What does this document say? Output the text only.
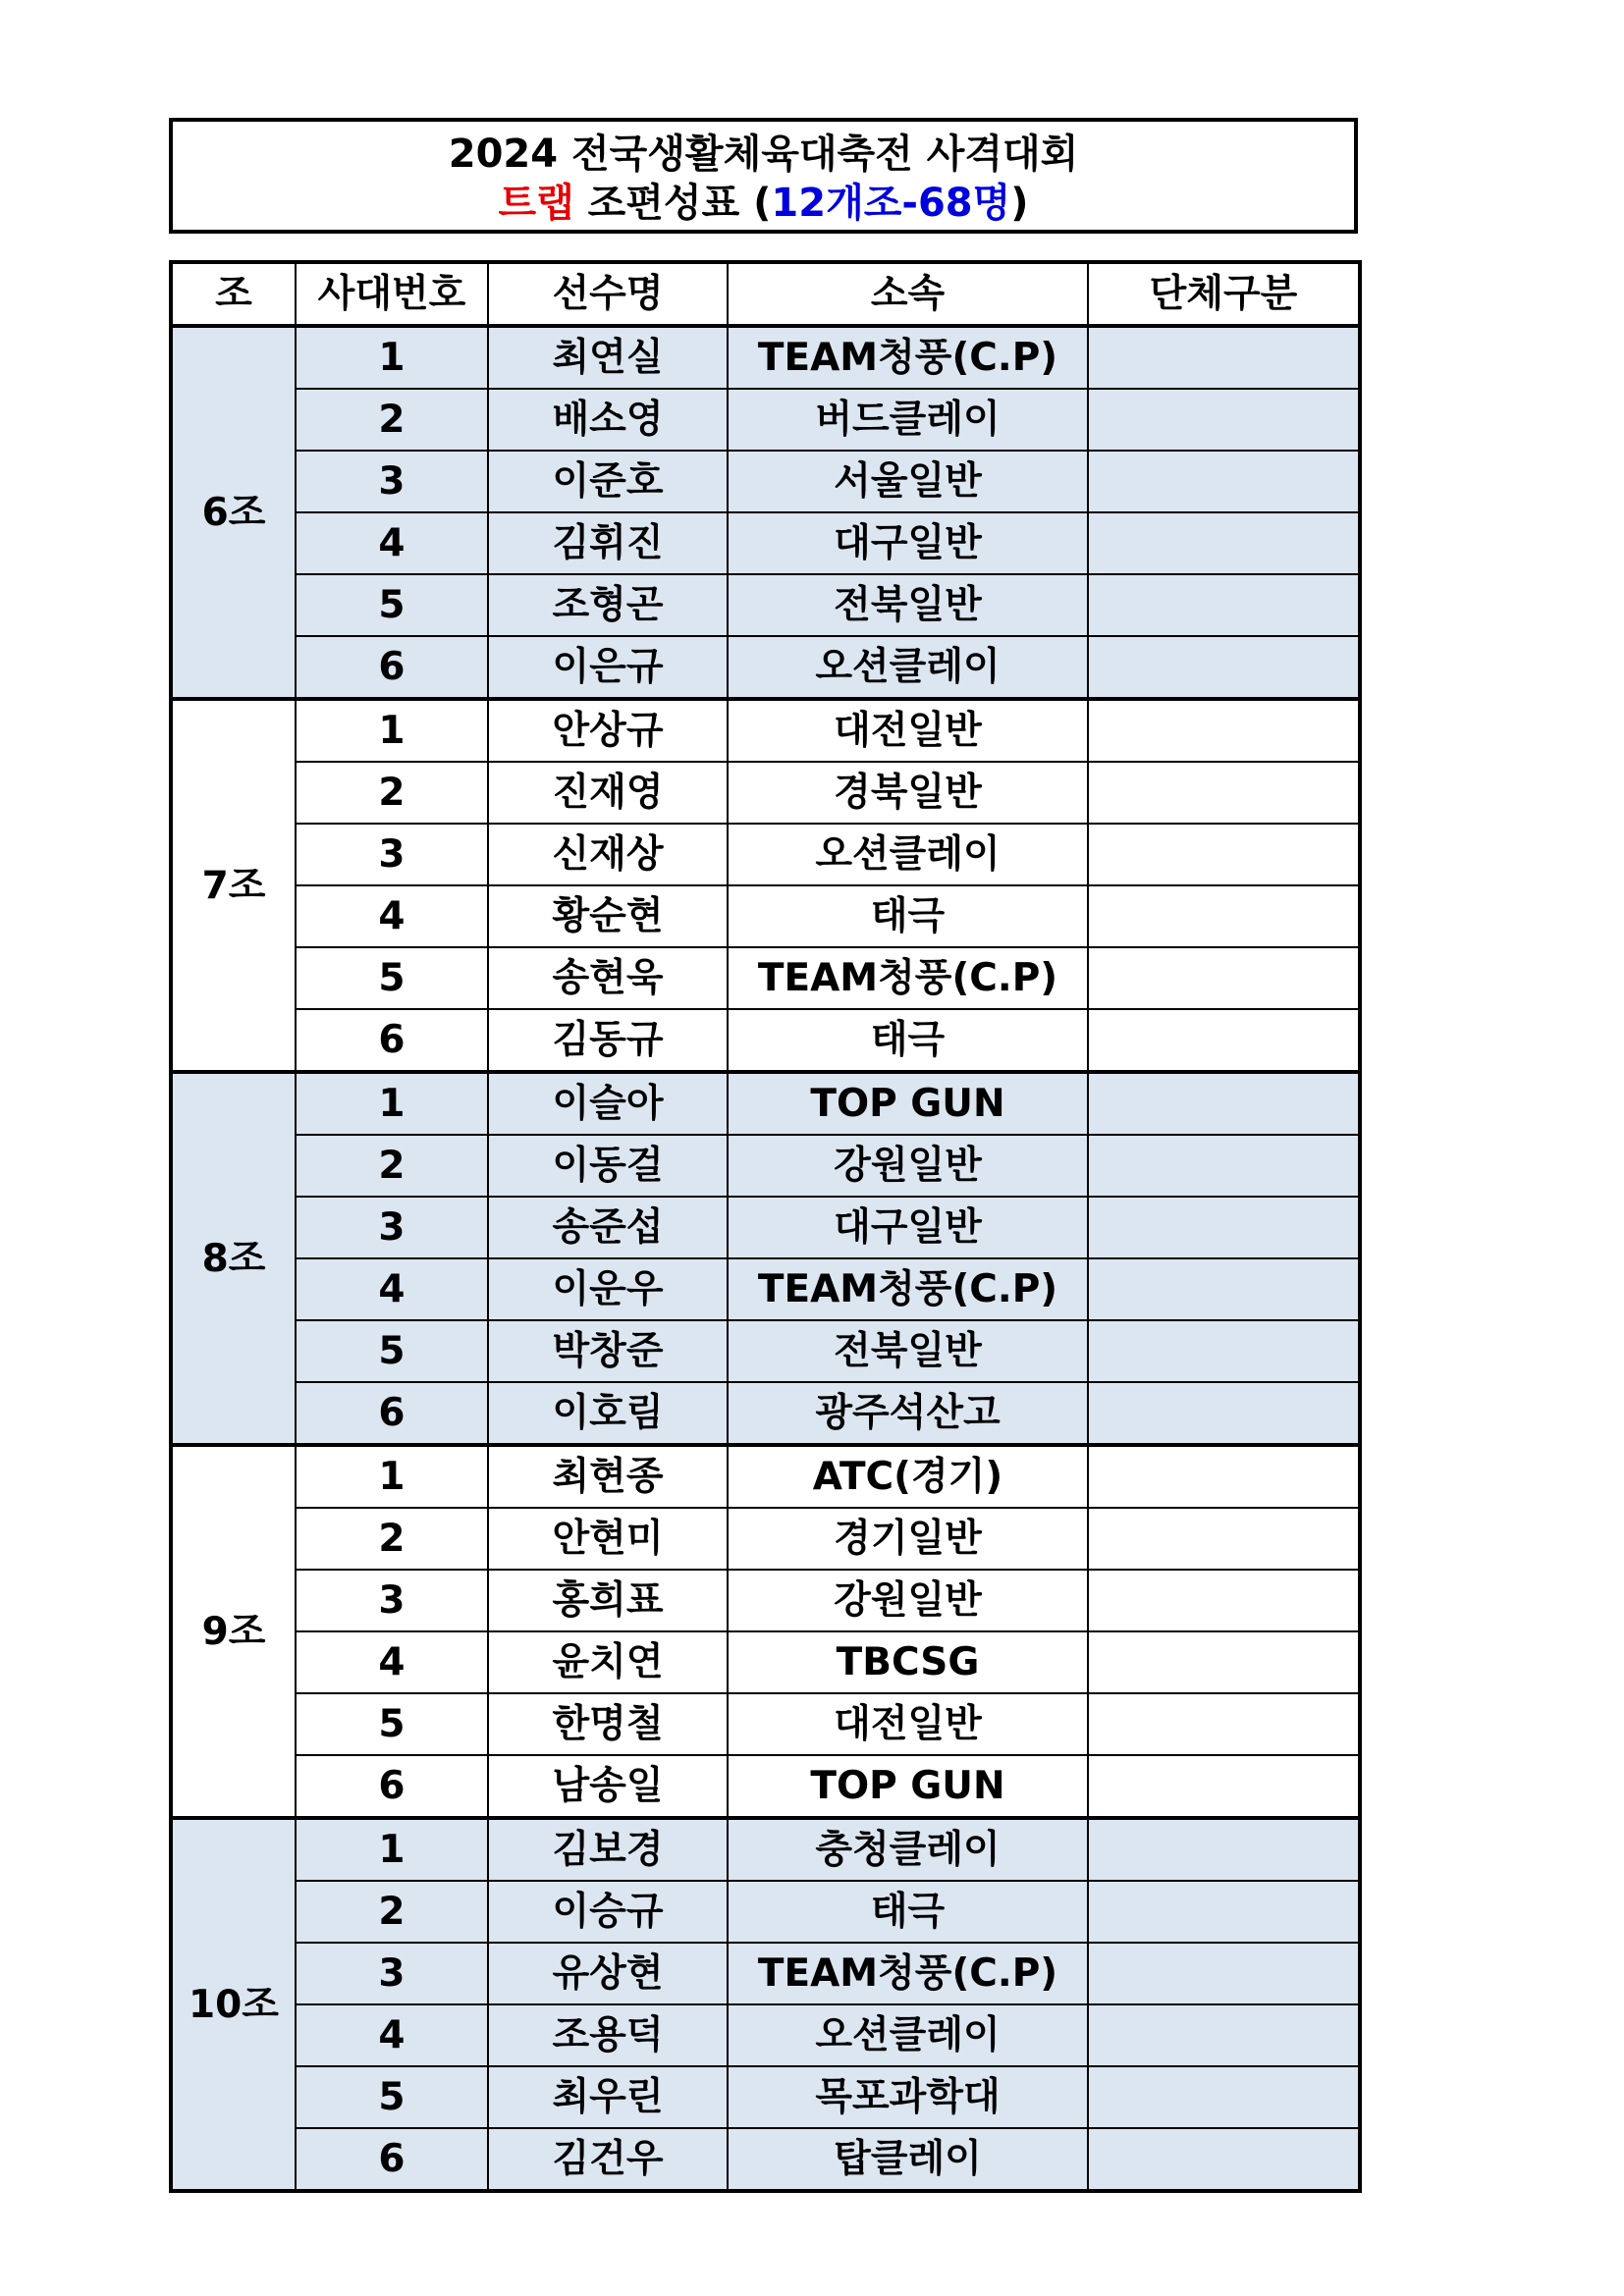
2024 전국생활체육대축전 사격대회
트랩 조편성표 (12개조-68명)
조	사대번호	선수명	소속	단체구분
6조	1	최연실	TEAM청풍(C.P)	
	2	배소영	버드클레이	
	3	이준호	서울일반	
	4	김휘진	대구일반	
	5	조형곤	전북일반	
	6	이은규	오션클레이	
7조	1	안상규	대전일반	
	2	진재영	경북일반	
	3	신재상	오션클레이	
	4	황순현	태극	
	5	송현욱	TEAM청풍(C.P)	
	6	김동규	태극	
8조	1	이슬아	TOP GUN	
	2	이동걸	강원일반	
	3	송준섭	대구일반	
	4	이운우	TEAM청풍(C.P)	
	5	박창준	전북일반	
	6	이호림	광주석산고	
9조	1	최현종	ATC(경기)	
	2	안현미	경기일반	
	3	홍희표	강원일반	
	4	윤치연	TBCSG	
	5	한명철	대전일반	
	6	남송일	TOP GUN	
10조	1	김보경	충청클레이	
	2	이승규	태극	
	3	유상현	TEAM청풍(C.P)	
	4	조용덕	오션클레이	
	5	최우린	목포과학대	
	6	김건우	탑클레이	
